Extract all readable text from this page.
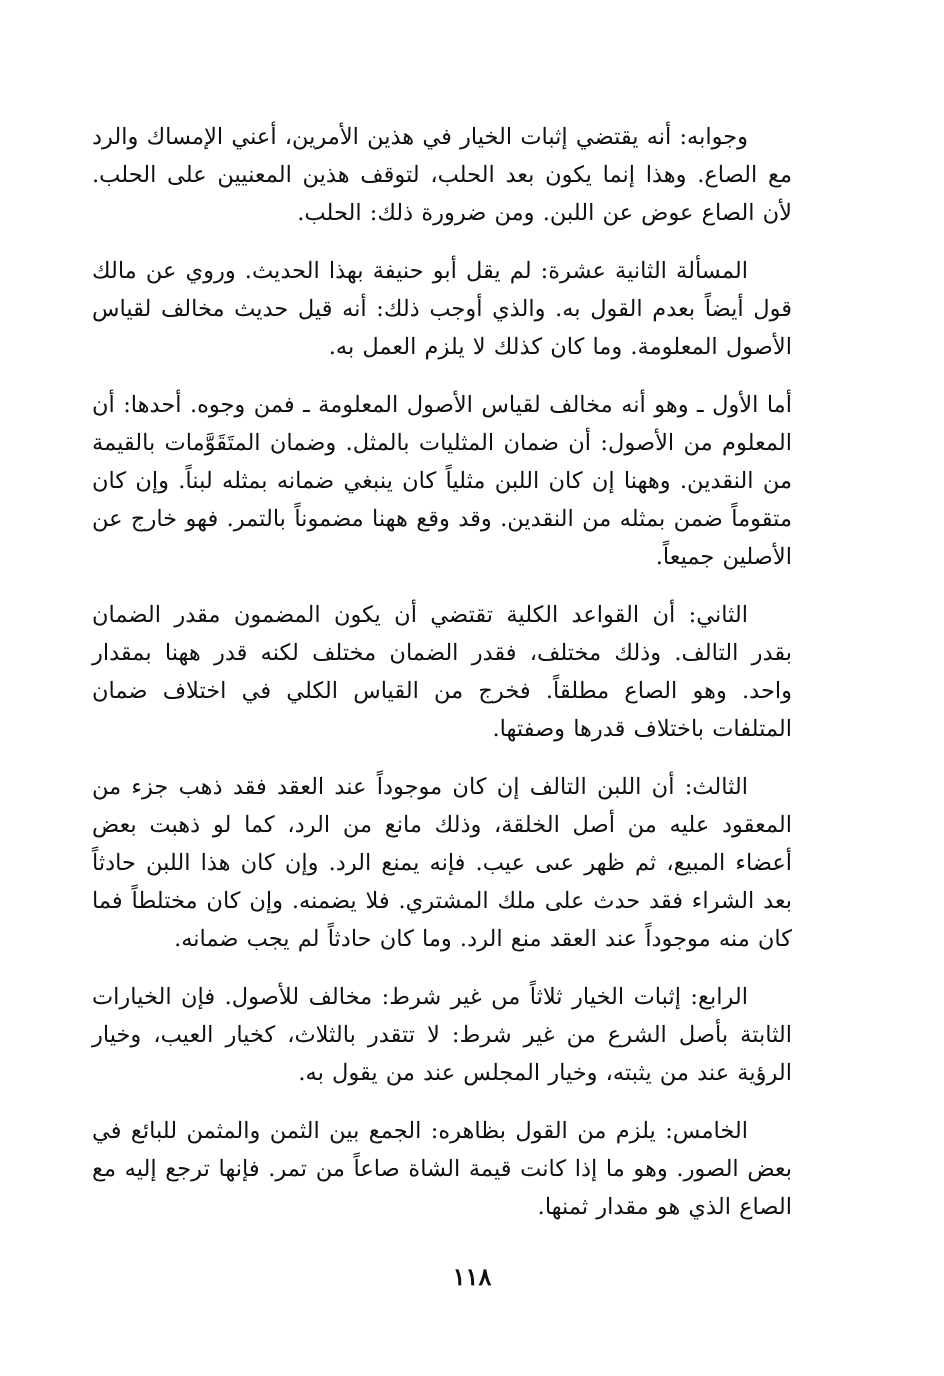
وجوابه: أنه يقتضي إثبات الخيار في هذين الأمرين، أعني الإمساك والرد مع الصاع. وهذا إنما يكون بعد الحلب، لتوقف هذين المعنيين على الحلب. لأن الصاع عوض عن اللبن. ومن ضرورة ذلك: الحلب.

المسألة الثانية عشرة: لم يقل أبو حنيفة بهذا الحديث. وروي عن مالك قول أيضاً بعدم القول به. والذي أوجب ذلك: أنه قيل حديث مخالف لقياس الأصول المعلومة. وما كان كذلك لا يلزم العمل به.

أما الأول ـ وهو أنه مخالف لقياس الأصول المعلومة ـ فمن وجوه. أحدها: أن المعلوم من الأصول: أن ضمان المثليات بالمثل. وضمان المتَقَوَّمات بالقيمة من النقدين. وههنا إن كان اللبن مثلياً كان ينبغي ضمانه بمثله لبناً. وإن كان متقوماً ضمن بمثله من النقدين. وقد وقع ههنا مضموناً بالتمر. فهو خارج عن الأصلين جميعاً.

الثاني: أن القواعد الكلية تقتضي أن يكون المضمون مقدر الضمان بقدر التالف. وذلك مختلف، فقدر الضمان مختلف لكنه قدر ههنا بمقدار واحد. وهو الصاع مطلقاً. فخرج من القياس الكلي في اختلاف ضمان المتلفات باختلاف قدرها وصفتها.

الثالث: أن اللبن التالف إن كان موجوداً عند العقد فقد ذهب جزء من المعقود عليه من أصل الخلقة، وذلك مانع من الرد، كما لو ذهبت بعض أعضاء المبيع، ثم ظهر عىى عيب. فإنه يمنع الرد. وإن كان هذا اللبن حادثاً بعد الشراء فقد حدث على ملك المشتري. فلا يضمنه. وإن كان مختلطاً فما كان منه موجوداً عند العقد منع الرد. وما كان حادثاً لم يجب ضمانه.

الرابع: إثبات الخيار ثلاثاً مں غير شرط: مخالف للأصول. فإن الخيارات الثابتة بأصل الشرع من غير شرط: لا تتقدر بالثلاث، كخيار العيب، وخيار الرؤية عند من يثبته، وخيار المجلس عند من يقول به.

الخامس: يلزم من القول بظاهره: الجمع بين الثمن والمثمن للبائع في بعض الصور. وهو ما إذا كانت قيمة الشاة صاعاً من تمر. فإنها ترجع إليه مع الصاع الذي هو مقدار ثمنها.

١١٨
